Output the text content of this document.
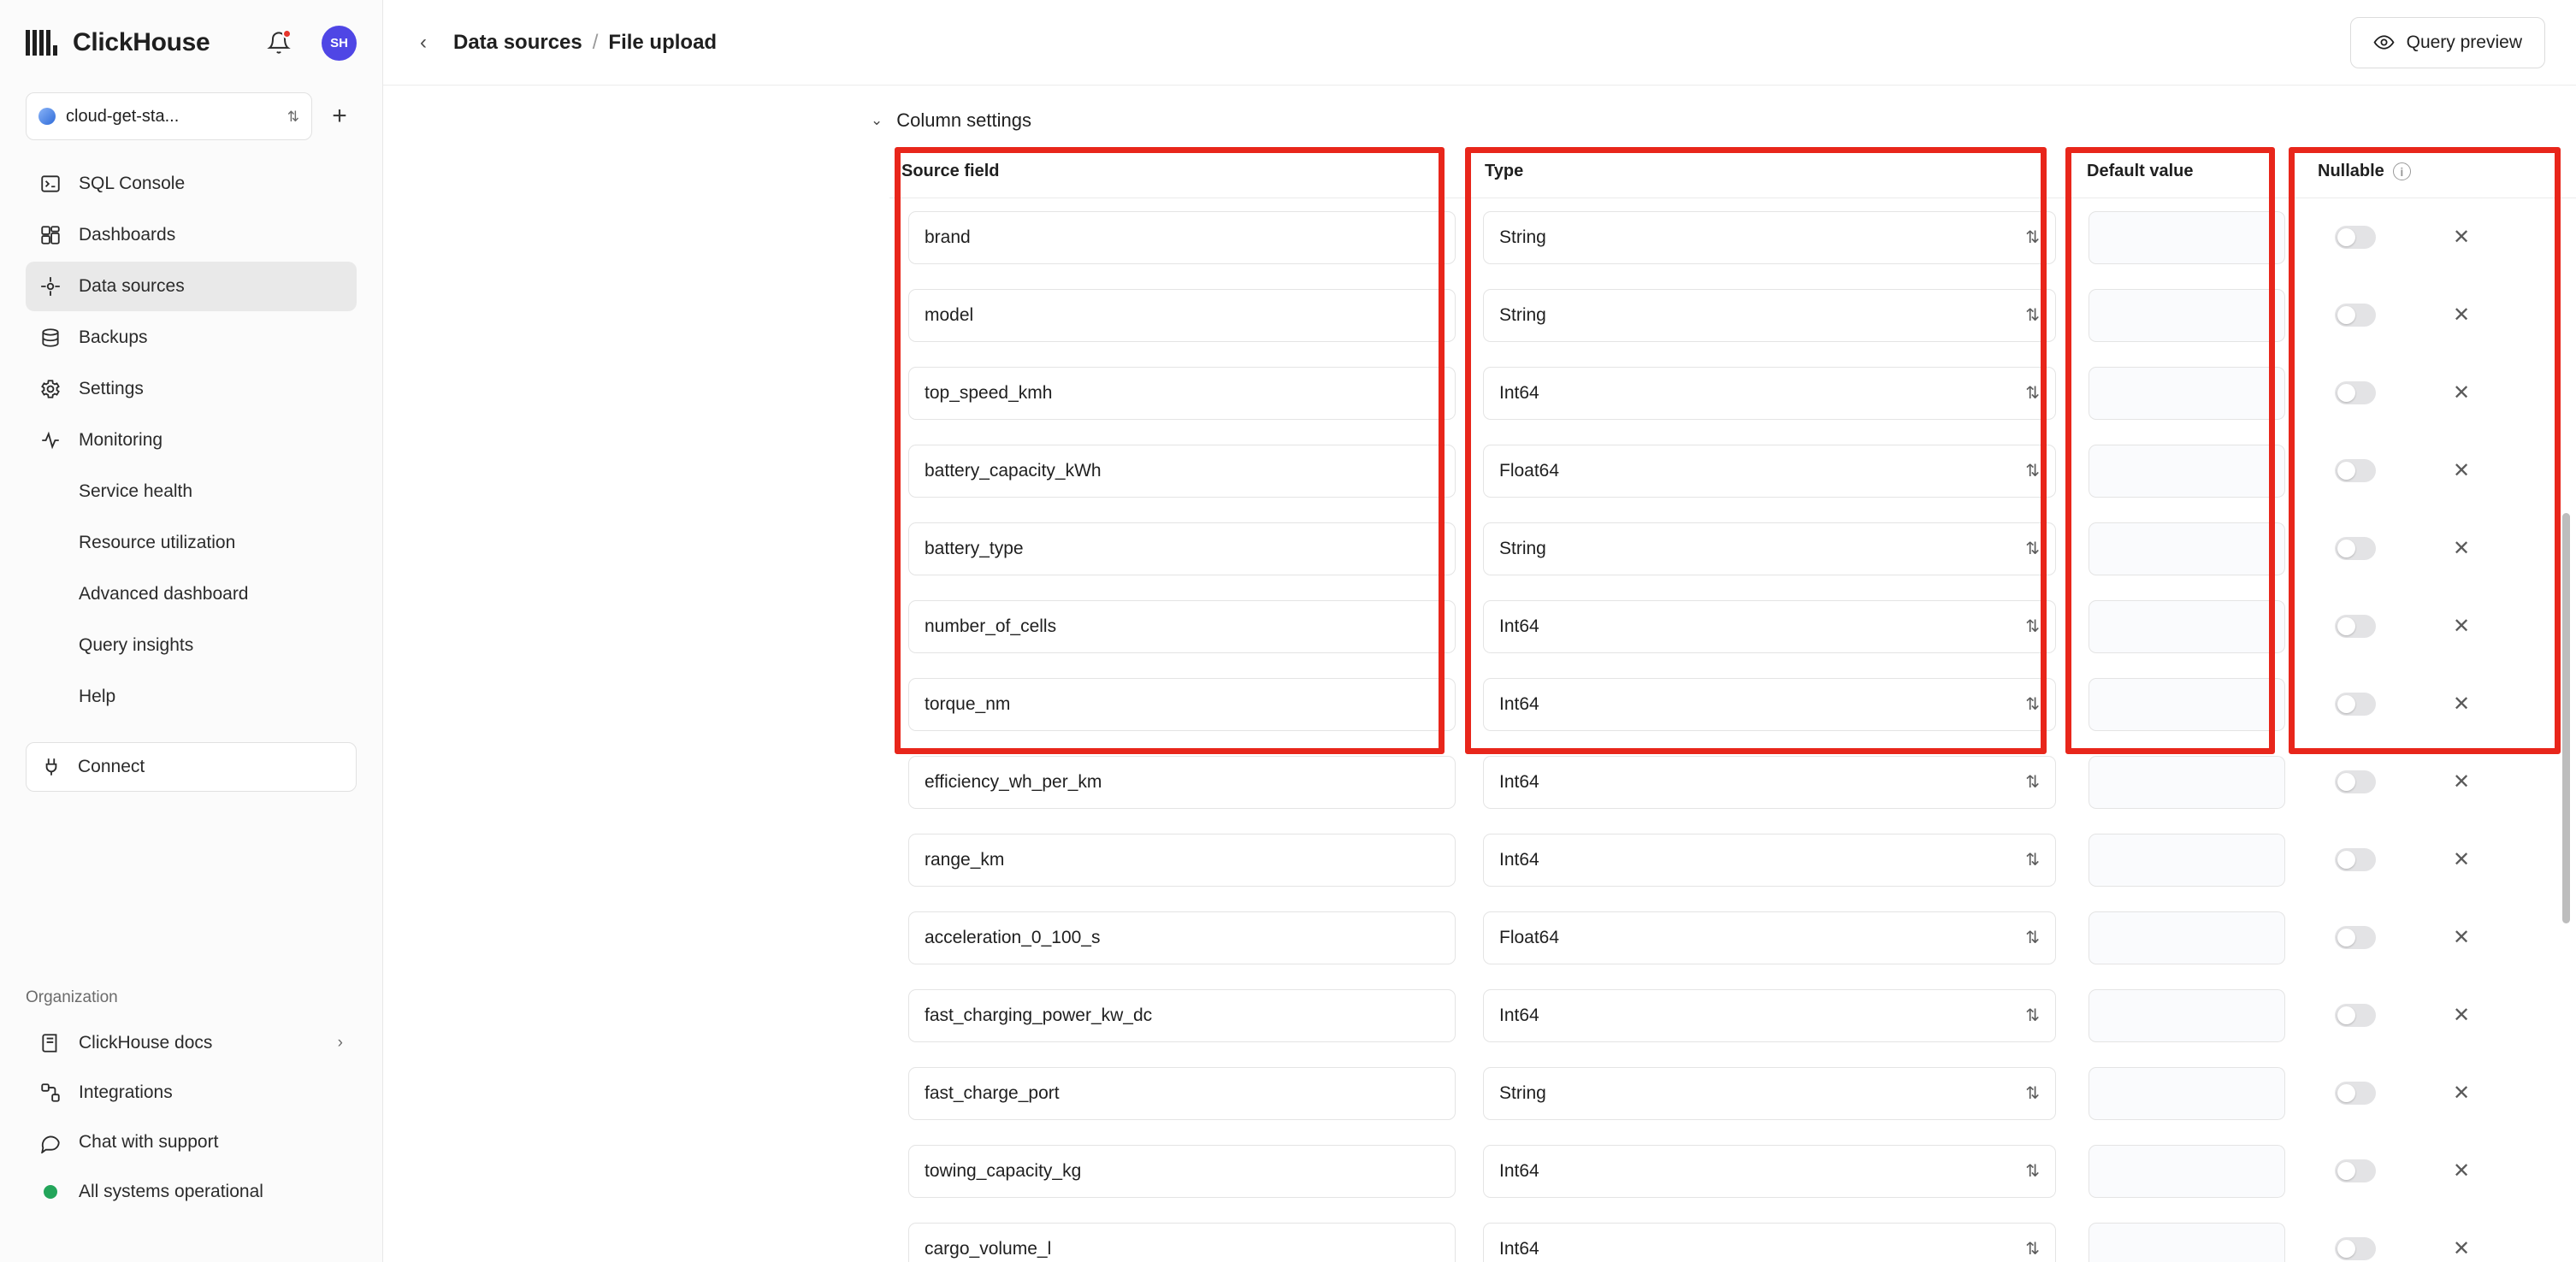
ClickHouse	SH
cloud-get-sta...	⇅	+
SQL Console
Dashboards
Data sources
Backups
Settings
Monitoring
Service health
Resource utilization
Advanced dashboard
Query insights
Help
Connect
Organization
ClickHouse docs	›
Integrations
Chat with support
All systems operational
‹	Data sources / File upload	Query preview
⌄ Column settings
Source field	Type	Default value	Nullable	i
brand	String	⇅	✕
model	String	⇅	✕
top_speed_kmh	Int64	⇅	✕
battery_capacity_kWh	Float64	⇅	✕
battery_type	String	⇅	✕
number_of_cells	Int64	⇅	✕
torque_nm	Int64	⇅	✕
efficiency_wh_per_km	Int64	⇅	✕
range_km	Int64	⇅	✕
acceleration_0_100_s	Float64	⇅	✕
fast_charging_power_kw_dc	Int64	⇅	✕
fast_charge_port	String	⇅	✕
towing_capacity_kg	Int64	⇅	✕
cargo_volume_l	Int64	⇅	✕
